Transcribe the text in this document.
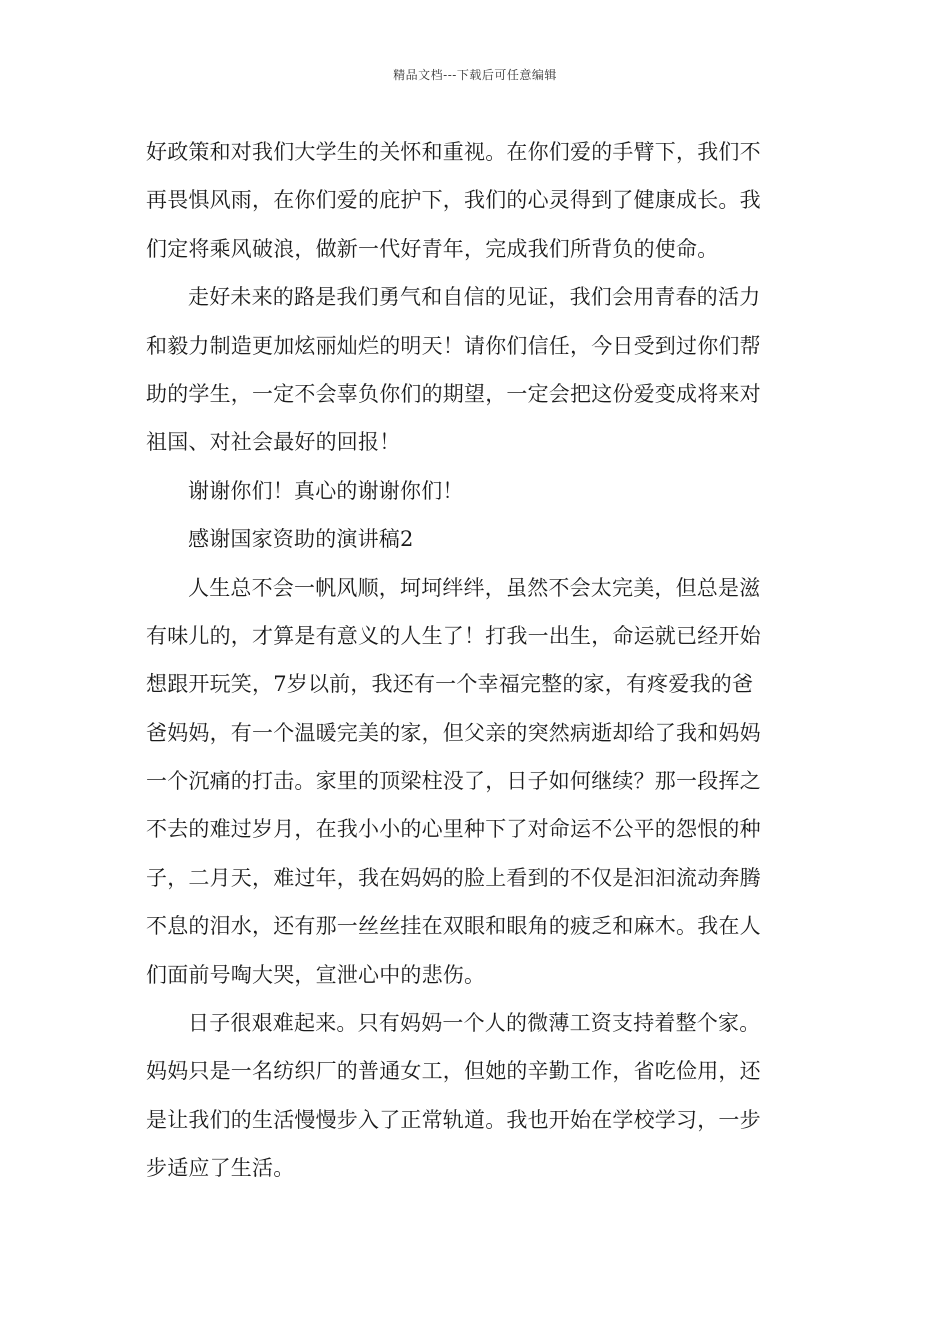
精品文档---下载后可任意编辑
好政策和对我们大学生的关怀和重视。在你们爱的手臂下，我们不
再畏惧风雨，在你们爱的庇护下，我们的心灵得到了健康成长。我
们定将乘风破浪，做新一代好青年，完成我们所背负的使命。
走好未来的路是我们勇气和自信的见证，我们会用青春的活力
和毅力制造更加炫丽灿烂的明天！请你们信任，今日受到过你们帮
助的学生，一定不会辜负你们的期望，一定会把这份爱变成将来对
祖国、对社会最好的回报！
谢谢你们！真心的谢谢你们！
感谢国家资助的演讲稿2
人生总不会一帆风顺，坷坷绊绊，虽然不会太完美，但总是滋
有味儿的，才算是有意义的人生了！打我一出生，命运就已经开始
想跟开玩笑，7岁以前，我还有一个幸福完整的家，有疼爱我的爸
爸妈妈，有一个温暖完美的家，但父亲的突然病逝却给了我和妈妈
一个沉痛的打击。家里的顶梁柱没了，日子如何继续？那一段挥之
不去的难过岁月，在我小小的心里种下了对命运不公平的怨恨的种
子，二月天，难过年，我在妈妈的脸上看到的不仅是汩汩流动奔腾
不息的泪水，还有那一丝丝挂在双眼和眼角的疲乏和麻木。我在人
们面前号啕大哭，宣泄心中的悲伤。
日子很艰难起来。只有妈妈一个人的微薄工资支持着整个家。
妈妈只是一名纺织厂的普通女工，但她的辛勤工作，省吃俭用，还
是让我们的生活慢慢步入了正常轨道。我也开始在学校学习，一步
步适应了生活。
